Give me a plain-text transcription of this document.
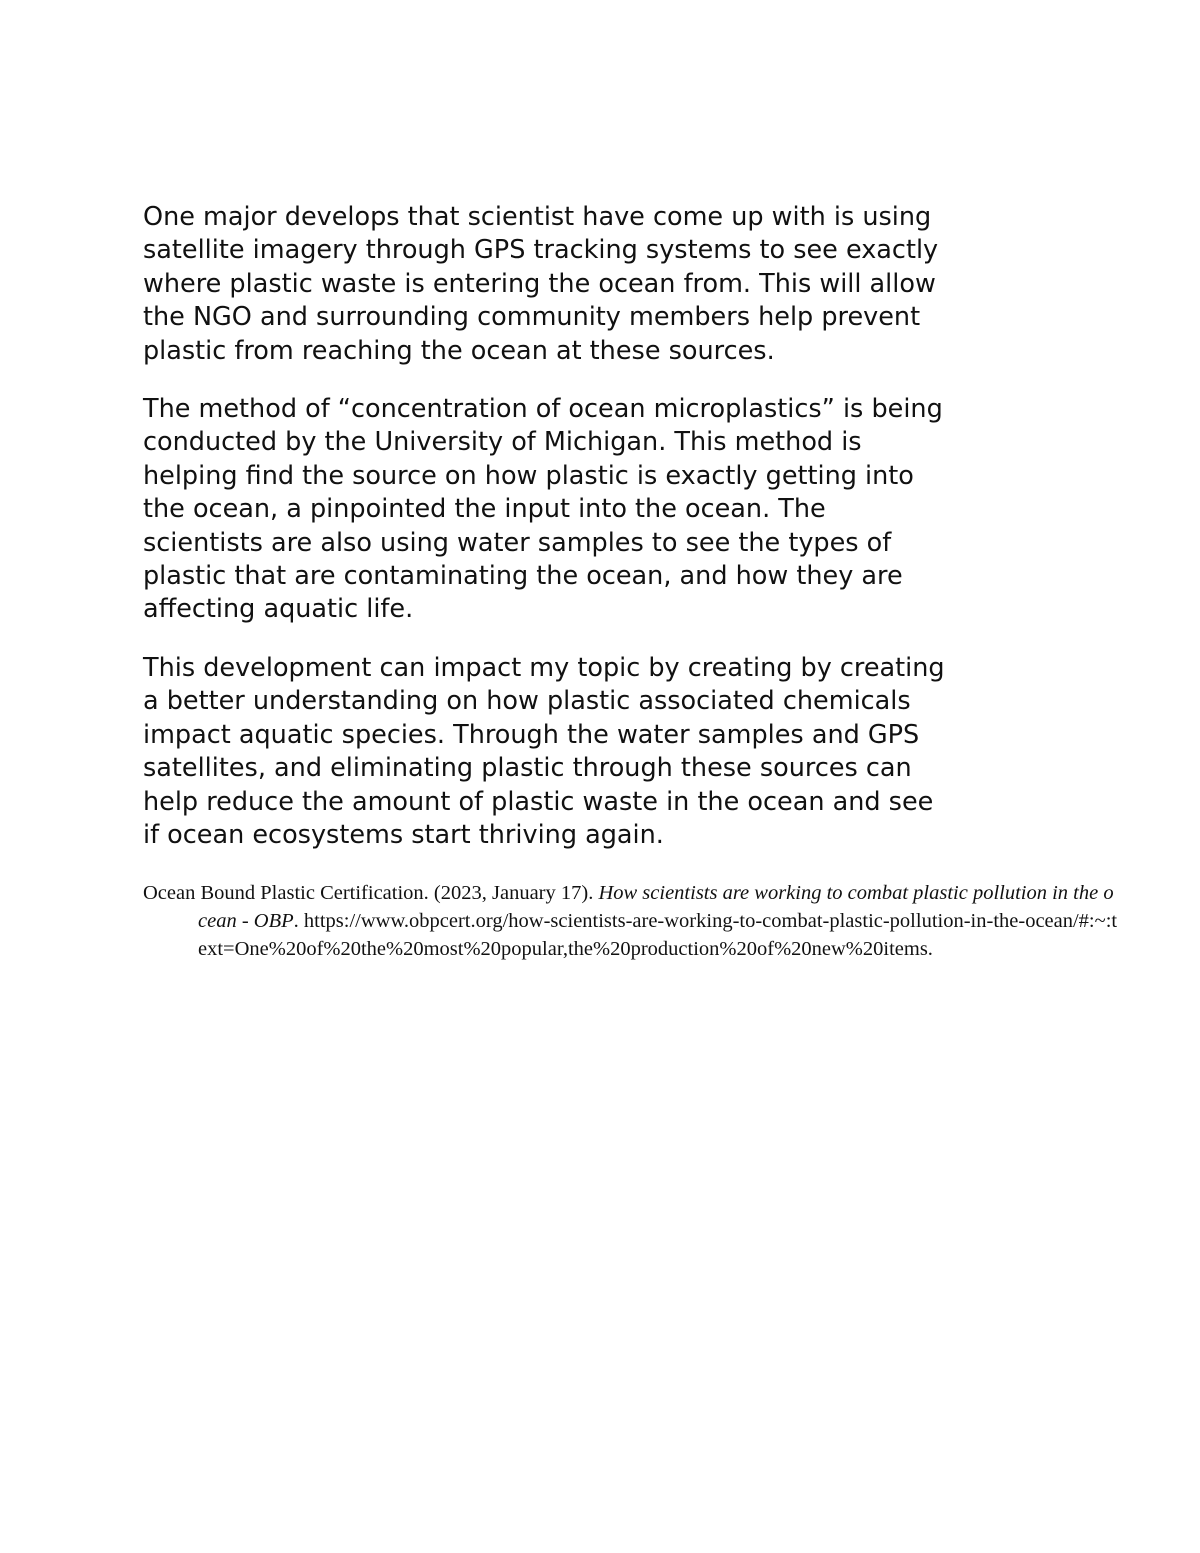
One major develops that scientist have come up with is using
satellite imagery through GPS tracking systems to see exactly
where plastic waste is entering the ocean from. This will allow
the NGO and surrounding community members help prevent
plastic from reaching the ocean at these sources.

The method of “concentration of ocean microplastics” is being
conducted by the University of Michigan. This method is
helping find the source on how plastic is exactly getting into
the ocean, a pinpointed the input into the ocean. The
scientists are also using water samples to see the types of
plastic that are contaminating the ocean, and how they are
affecting aquatic life.

This development can impact my topic by creating by creating
a better understanding on how plastic associated chemicals
impact aquatic species. Through the water samples and GPS
satellites, and eliminating plastic through these sources can
help reduce the amount of plastic waste in the ocean and see
if ocean ecosystems start thriving again.

Ocean Bound Plastic Certification. (2023, January 17). How scientists are working to combat plastic pollution in the ocean - OBP. https://www.obpcert.org/how-scientists-are-working-to-combat-plastic-pollution-in-the-ocean/#:~:text=One%20of%20the%20most%20popular,the%20production%20of%20new%20items.
